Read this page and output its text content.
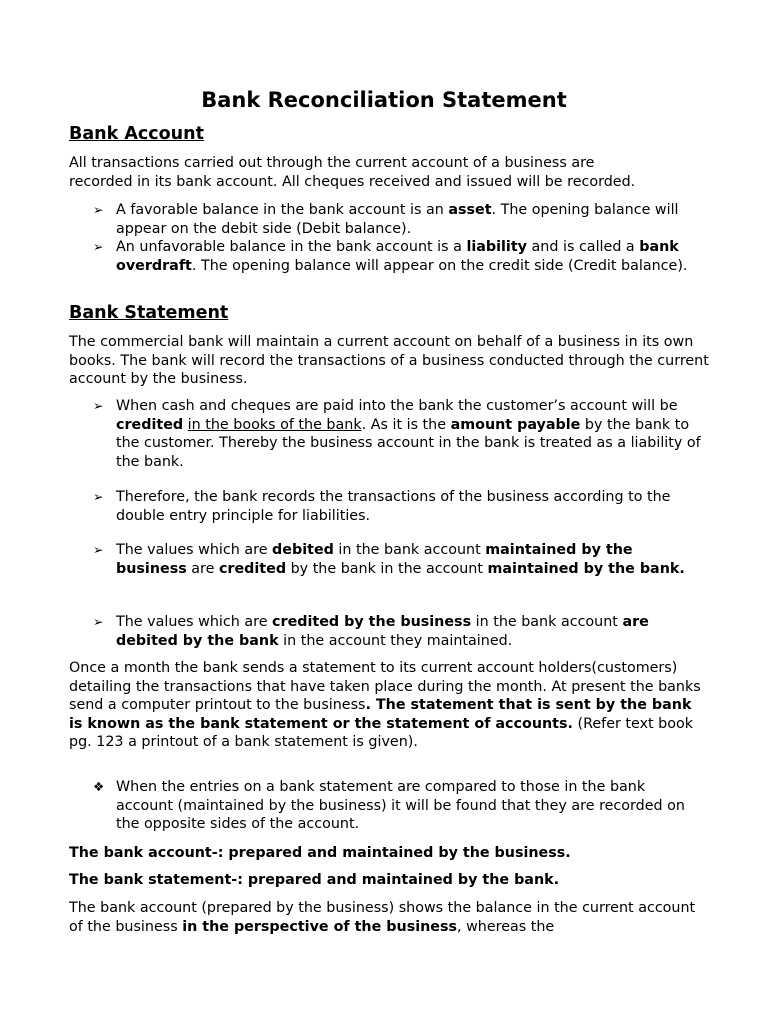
Bank Reconciliation Statement
Bank Account
All transactions carried out through the current account of a business are
recorded in its bank account. All cheques received and issued will be recorded.
➢ A favorable balance in the bank account is an asset. The opening balance will appear on the debit side (Debit balance).
➢ An unfavorable balance in the bank account is a liability and is called a bank overdraft. The opening balance will appear on the credit side (Credit balance).
Bank Statement
The commercial bank will maintain a current account on behalf of a business in its own books. The bank will record the transactions of a business conducted through the current account by the business.
➢ When cash and cheques are paid into the bank the customer’s account will be credited in the books of the bank. As it is the amount payable by the bank to the customer. Thereby the business account in the bank is treated as a liability of the bank.
➢ Therefore, the bank records the transactions of the business according to the double entry principle for liabilities.
➢ The values which are debited in the bank account maintained by the business are credited by the bank in the account maintained by the bank.
➢ The values which are credited by the business in the bank account are debited by the bank in the account they maintained.
Once a month the bank sends a statement to its current account holders(customers) detailing the transactions that have taken place during the month. At present the banks send a computer printout to the business. The statement that is sent by the bank is known as the bank statement or the statement of accounts. (Refer text book pg. 123 a printout of a bank statement is given).
❖ When the entries on a bank statement are compared to those in the bank account (maintained by the business) it will be found that they are recorded on the opposite sides of the account.
The bank account-: prepared and maintained by the business.
The bank statement-: prepared and maintained by the bank.
The bank account (prepared by the business) shows the balance in the current account of the business in the perspective of the business, whereas the
